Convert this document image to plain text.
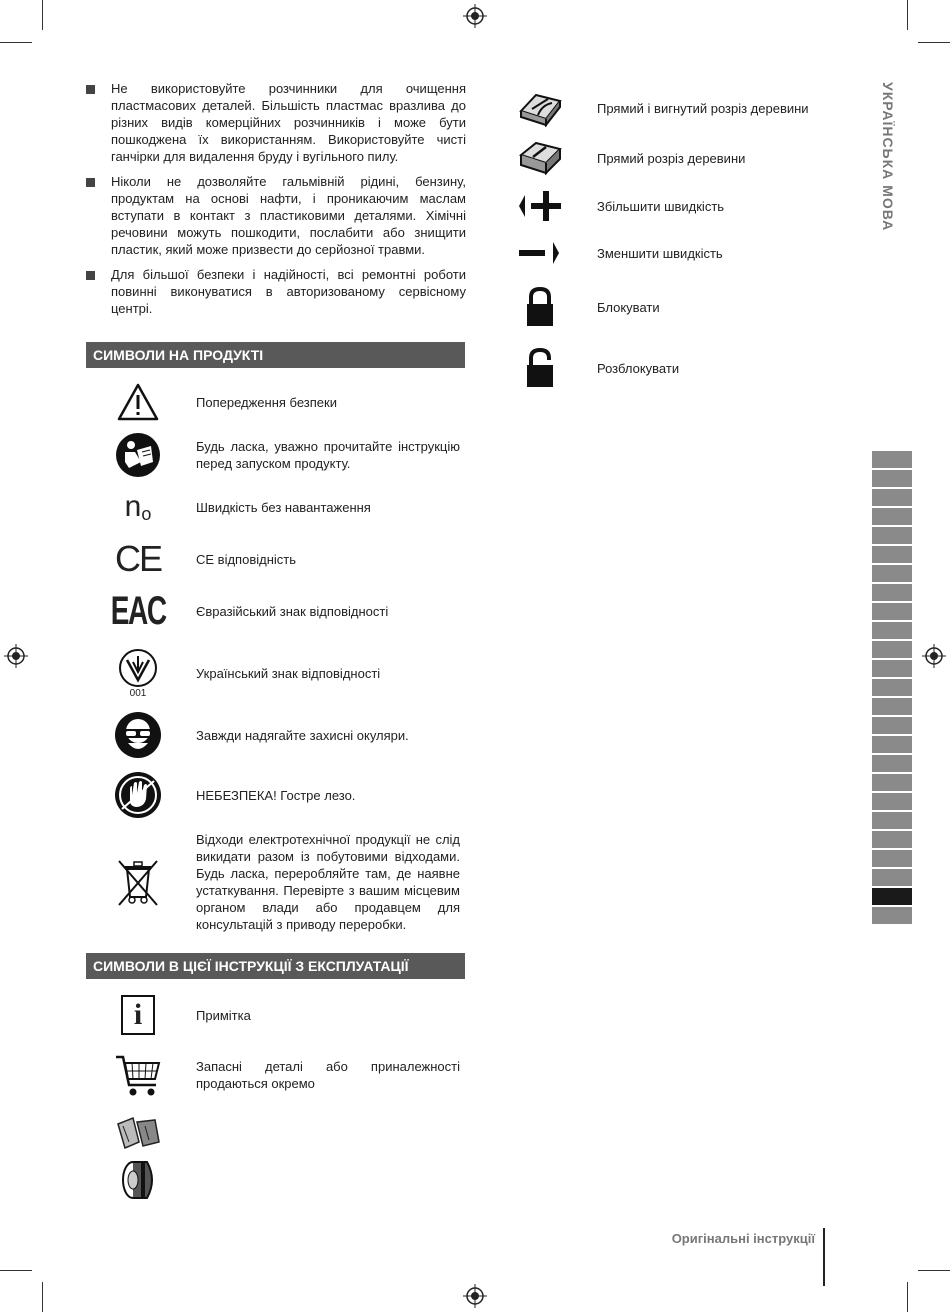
Не використовуйте розчинники для очищення пластмасових деталей. Більшість пластмас вразлива до різних видів комерційних розчинників і може бути пошкоджена їх використанням. Використовуйте чисті ганчірки для видалення бруду і вугільного пилу.

Ніколи не дозволяйте гальмівній рідині, бензину, продуктам на основі нафти, і проникаючим маслам вступати в контакт з пластиковими деталями. Хімічні речовини можуть пошкодити, послабити або знищити пластик, який може призвести до серйозної травми.

Для більшої безпеки і надійності, всі ремонтні роботи повинні виконуватися в авторизованому сервісному центрі.

СИМВОЛИ НА ПРОДУКТІ
Попередження безпеки
Будь ласка, уважно прочитайте інструкцію перед запуском продукту.
n o	Швидкість без навантаження
CE	CE відповідність
EAC Євразійський знак відповідності
001
Український знак відповідності
Завжди надягайте захисні окуляри.
НЕБЕЗПЕКА! Гостре лезо.
Відходи електротехнічної продукції не слід викидати разом із побутовими відходами. Будь ласка, переробляйте там, де наявне устаткування. Перевірте з вашим місцевим органом влади або продавцем для консультацій з приводу переробки.
СИМВОЛИ В ЦІЄЇ ІНСТРУКЦІЇ З ЕКСПЛУАТАЦІЇ
i	Примітка
Запасні деталі або приналежності продаються окремо
Прямий і вигнутий розріз деревини
Прямий розріз деревини
Збільшити швидкість
Зменшити швидкість
Блокувати
Розблокувати
УКРАЇНСЬКА МОВА
Оригінальні інструкції
